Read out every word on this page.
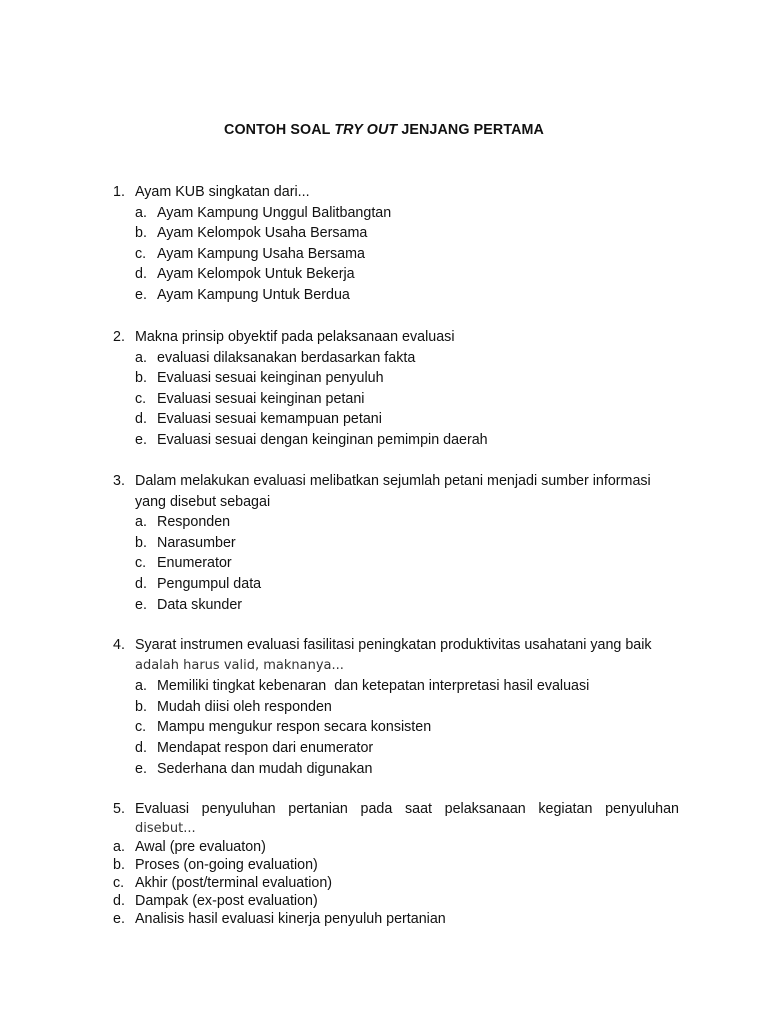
CONTOH SOAL TRY OUT JENJANG PERTAMA
1. Ayam KUB singkatan dari...
a. Ayam Kampung Unggul Balitbangtan
b. Ayam Kelompok Usaha Bersama
c. Ayam Kampung Usaha Bersama
d. Ayam Kelompok Untuk Bekerja
e. Ayam Kampung Untuk Berdua
2. Makna prinsip obyektif pada pelaksanaan evaluasi
a. evaluasi dilaksanakan berdasarkan fakta
b. Evaluasi sesuai keinginan penyuluh
c. Evaluasi sesuai keinginan petani
d. Evaluasi sesuai kemampuan petani
e. Evaluasi sesuai dengan keinginan pemimpin daerah
3. Dalam melakukan evaluasi melibatkan sejumlah petani menjadi sumber informasi
yang disebut sebagai
a. Responden
b. Narasumber
c. Enumerator
d. Pengumpul data
e. Data skunder
4. Syarat instrumen evaluasi fasilitasi peningkatan produktivitas usahatani yang baik
adalah harus valid, maknanya...
a. Memiliki tingkat kebenaran  dan ketepatan interpretasi hasil evaluasi
b. Mudah diisi oleh responden
c. Mampu mengukur respon secara konsisten
d. Mendapat respon dari enumerator
e. Sederhana dan mudah digunakan
5. Evaluasi penyuluhan pertanian pada saat pelaksanaan kegiatan penyuluhan
disebut...
a. Awal (pre evaluaton)
b. Proses (on-going evaluation)
c. Akhir (post/terminal evaluation)
d. Dampak (ex-post evaluation)
e. Analisis hasil evaluasi kinerja penyuluh pertanian
